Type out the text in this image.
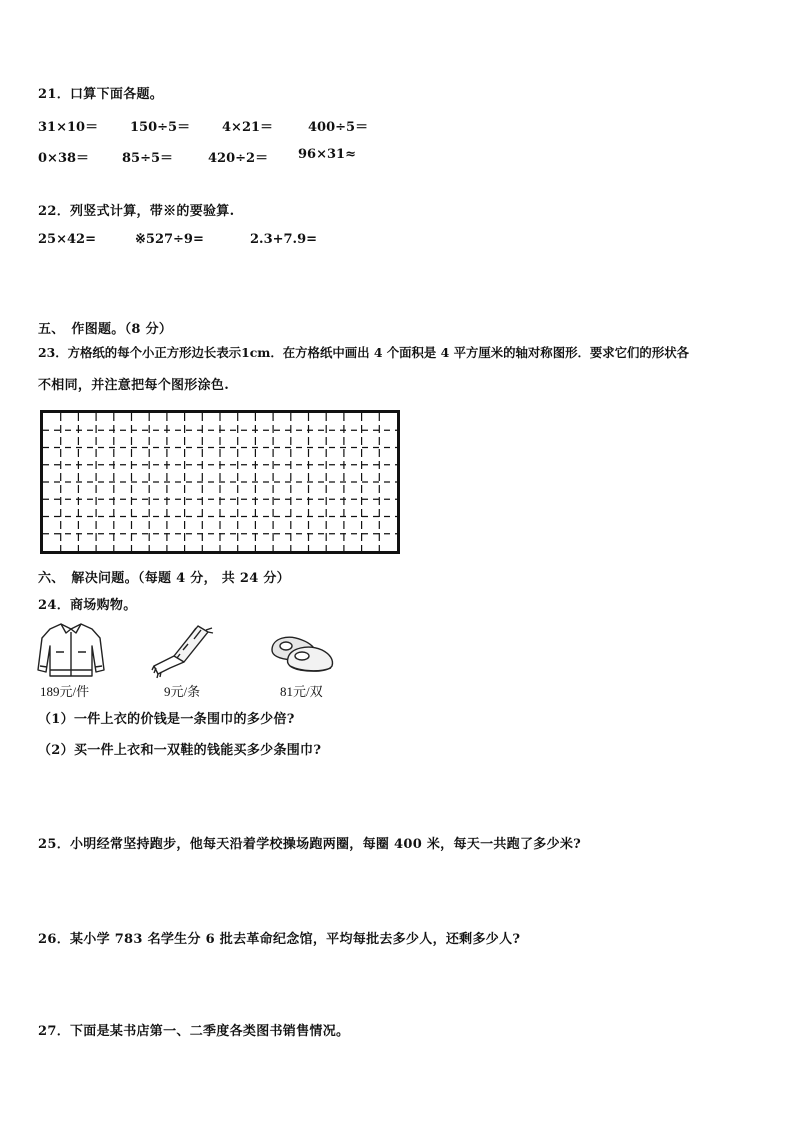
21．口算下面各题。
31×10＝ 150÷5＝ 4×21＝	400÷5＝
0×38＝	85÷5＝	420÷2＝ 96×31≈
22．列竖式计算，带※的要验算.
25×42=	※527÷9=	2.3+7.9=
五、　作图题。（8 分）
23．方格纸的每个小正方形边长表示1cm．在方格纸中画出 4 个面积是 4 平方厘米的轴对称图形．要求它们的形状各
不相同，并注意把每个图形涂色.
六、　解决问题。（每题 4 分， 共 24 分）
24．商场购物。
189元/件	9元/条	81元/双
（1）一件上衣的价钱是一条围巾的多少倍?
（2）买一件上衣和一双鞋的钱能买多少条围巾?
25．小明经常坚持跑步，他每天沿着学校操场跑两圈，每圈 400 米，每天一共跑了多少米?
26．某小学 783 名学生分 6 批去革命纪念馆，平均每批去多少人，还剩多少人?
27．下面是某书店第一、二季度各类图书销售情况。
